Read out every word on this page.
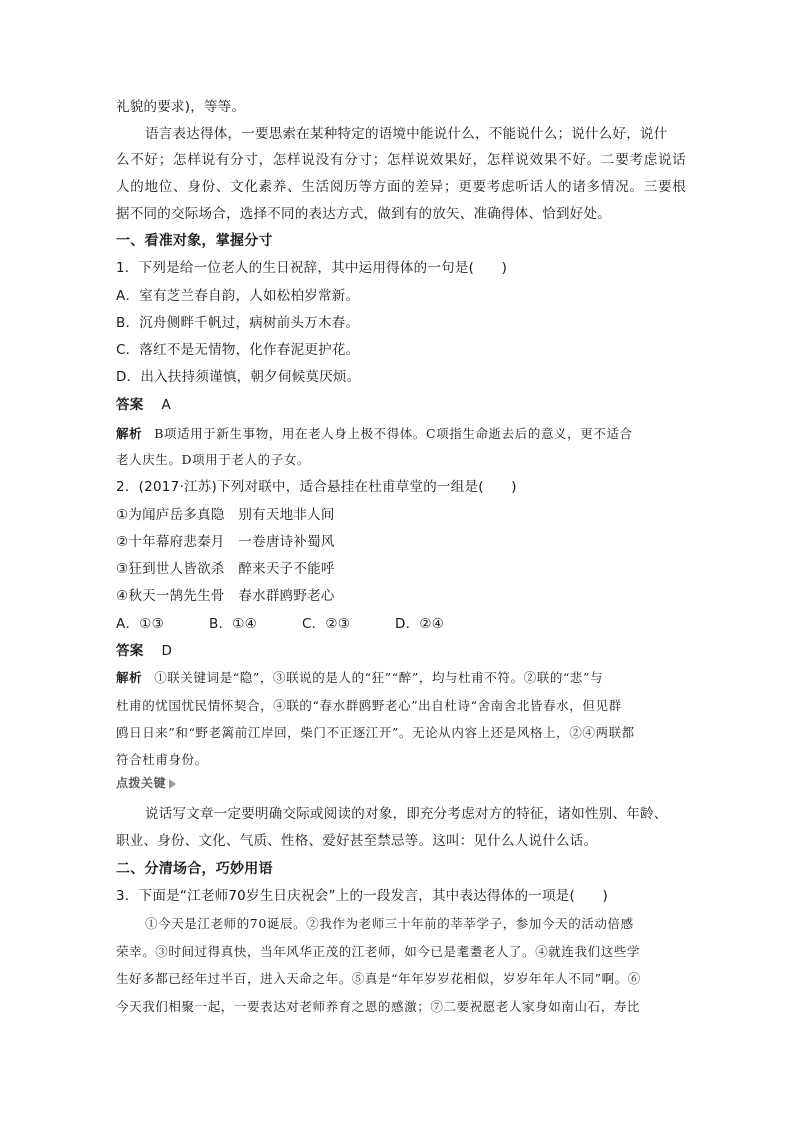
礼貌的要求)，等等。
语言表达得体，一要思索在某种特定的语境中能说什么，不能说什么；说什么好，说什
么不好；怎样说有分寸，怎样说没有分寸；怎样说效果好，怎样说效果不好。二要考虑说话
人的地位、身份、文化素养、生活阅历等方面的差异；更要考虑听话人的诸多情况。三要根
据不同的交际场合，选择不同的表达方式，做到有的放矢、准确得体、恰到好处。
一、看准对象，掌握分寸
1．下列是给一位老人的生日祝辞，其中运用得体的一句是(　　)
A．室有芝兰春自韵，人如松柏岁常新。
B．沉舟侧畔千帆过，病树前头万木春。
C．落红不是无情物，化作春泥更护花。
D．出入扶持须谨慎，朝夕伺候莫厌烦。
答案 A
解析 B项适用于新生事物，用在老人身上极不得体。C项指生命逝去后的意义，更不适合
老人庆生。D项用于老人的子女。
2．(2017·江苏)下列对联中，适合悬挂在杜甫草堂的一组是(　　)
①为闻庐岳多真隐　别有天地非人间
②十年幕府悲秦月　一卷唐诗补蜀风
③狂到世人皆欲杀　醉来天子不能呼
④秋天一鹄先生骨　春水群鸥野老心
A．①③	B．①④	C．②③	D．②④
答案 D
解析 ①联关键词是“隐”，③联说的是人的“狂”“醉”，均与杜甫不符。②联的“悲”与
杜甫的忧国忧民情怀契合，④联的“春水群鸥野老心”出自杜诗“舍南舍北皆春水，但见群
鸥日日来”和“野老篱前江岸回，柴门不正逐江开”。无论从内容上还是风格上，②④两联都
符合杜甫身份。
点拨关键
说话写文章一定要明确交际或阅读的对象，即充分考虑对方的特征，诸如性别、年龄、
职业、身份、文化、气质、性格、爱好甚至禁忌等。这叫：见什么人说什么话。
二、分清场合，巧妙用语
3．下面是“江老师70岁生日庆祝会”上的一段发言，其中表达得体的一项是(　　)
①今天是江老师的70诞辰。②我作为老师三十年前的莘莘学子，参加今天的活动倍感
荣幸。③时间过得真快，当年风华正茂的江老师，如今已是耄耋老人了。④就连我们这些学
生好多都已经年过半百，进入天命之年。⑤真是“年年岁岁花相似，岁岁年年人不同”啊。⑥
今天我们相聚一起，一要表达对老师养育之恩的感激；⑦二要祝愿老人家身如南山石，寿比
